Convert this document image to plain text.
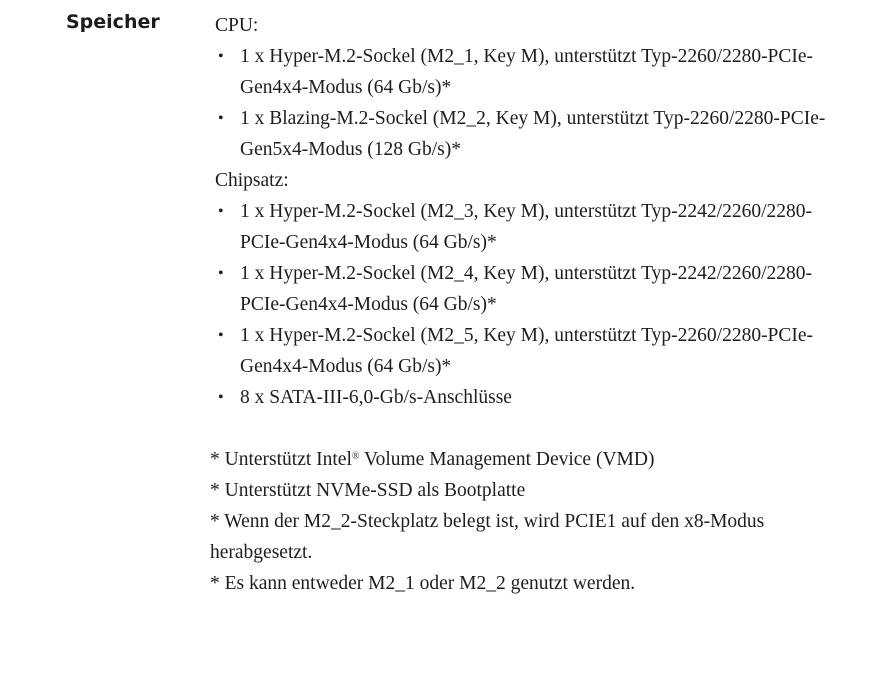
Speicher	CPU:
• 1 x Hyper-M.2-Sockel (M2_1, Key M), unterstützt Typ-2260/2280-PCIe-Gen4x4-Modus (64 Gb/s)*
• 1 x Blazing-M.2-Sockel (M2_2, Key M), unterstützt Typ-2260/2280-PCIe-Gen5x4-Modus (128 Gb/s)*
Chipsatz:
• 1 x Hyper-M.2-Sockel (M2_3, Key M), unterstützt Typ-2242/2260/2280-PCIe-Gen4x4-Modus (64 Gb/s)*
• 1 x Hyper-M.2-Sockel (M2_4, Key M), unterstützt Typ-2242/2260/2280-PCIe-Gen4x4-Modus (64 Gb/s)*
• 1 x Hyper-M.2-Sockel (M2_5, Key M), unterstützt Typ-2260/2280-PCIe-Gen4x4-Modus (64 Gb/s)*
• 8 x SATA-III-6,0-Gb/s-Anschlüsse

* Unterstützt Intel® Volume Management Device (VMD)

* Unterstützt NVMe-SSD als Bootplatte

* Wenn der M2_2-Steckplatz belegt ist, wird PCIE1 auf den x8-Modus herabgesetzt.

* Es kann entweder M2_1 oder M2_2 genutzt werden.
